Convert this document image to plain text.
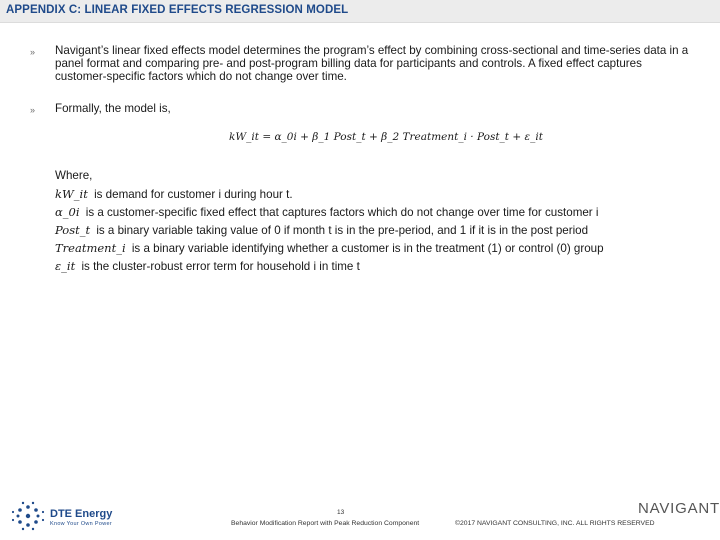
APPENDIX C: LINEAR FIXED EFFECTS REGRESSION MODEL
» Navigant’s linear fixed effects model determines the program’s effect by combining cross-sectional and time-series data in a panel format and comparing pre- and post-program billing data for participants and controls. A fixed effect captures customer-specific factors which do not change over time.
» Formally, the model is,
kW_it = α_0i + β_1 Post_t + β_2 Treatment_i · Post_t + ε_it
Where,
kW_it is demand for customer i during hour t.
α_0i is a customer-specific fixed effect that captures factors which do not change over time for customer i
Post_t is a binary variable taking value of 0 if month t is in the pre-period, and 1 if it is in the post period
Treatment_i is a binary variable identifying whether a customer is in the treatment (1) or control (0) group
ε_it is the cluster-robust error term for household i in time t
DTE Energy
Know Your Own Power
13
Behavior Modification Report with Peak Reduction Component
NAVIGANT
©2017 NAVIGANT CONSULTING, INC. ALL RIGHTS RESERVED
